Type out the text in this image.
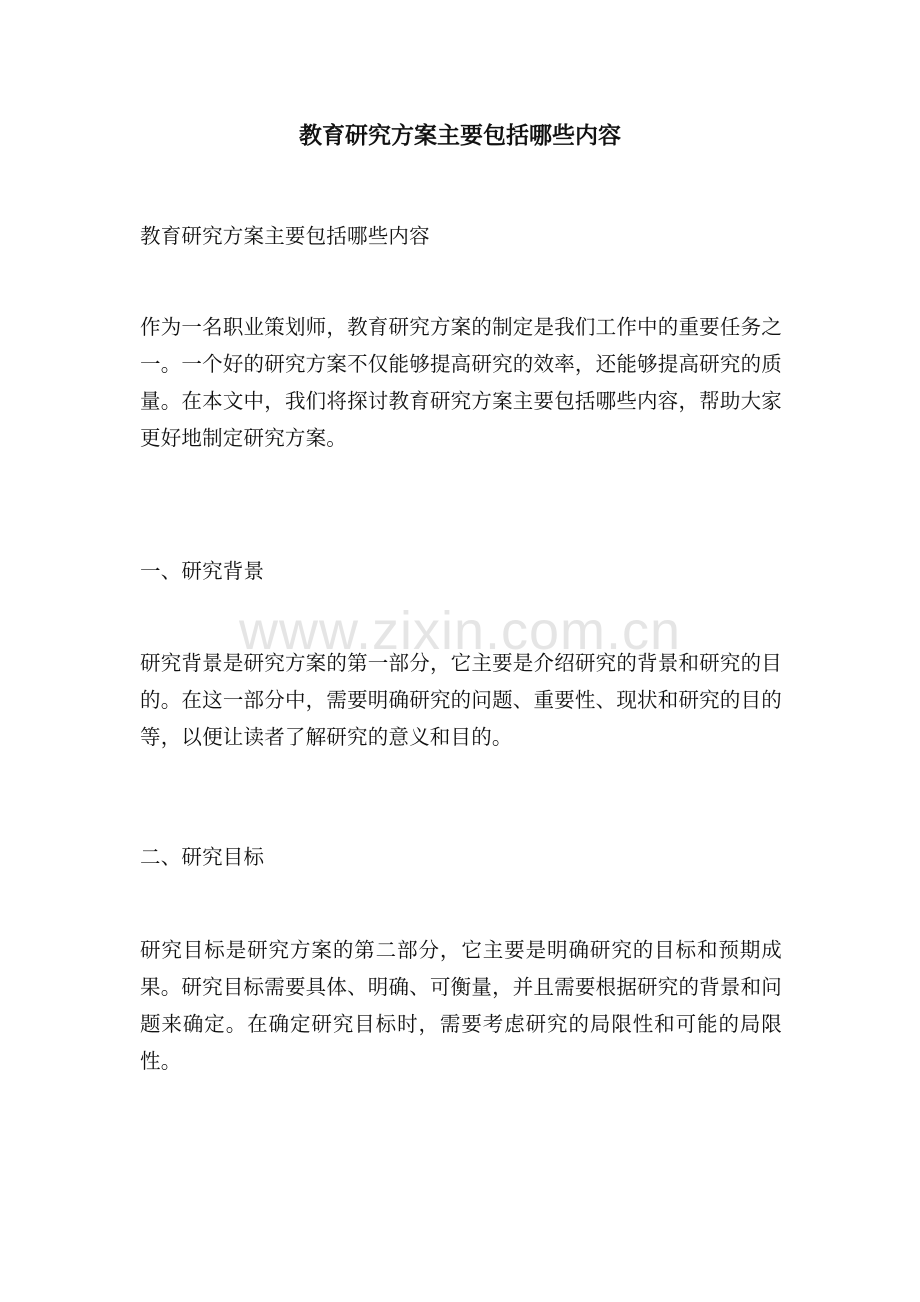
教育研究方案主要包括哪些内容

教育研究方案主要包括哪些内容

作为一名职业策划师，教育研究方案的制定是我们工作中的重要任务之一。一个好的研究方案不仅能够提高研究的效率，还能够提高研究的质量。在本文中，我们将探讨教育研究方案主要包括哪些内容，帮助大家更好地制定研究方案。

一、研究背景

研究背景是研究方案的第一部分，它主要是介绍研究的背景和研究的目的。在这一部分中，需要明确研究的问题、重要性、现状和研究的目的等，以便让读者了解研究的意义和目的。

二、研究目标

研究目标是研究方案的第二部分，它主要是明确研究的目标和预期成果。研究目标需要具体、明确、可衡量，并且需要根据研究的背景和问题来确定。在确定研究目标时，需要考虑研究的局限性和可能的局限性。

www.zixin.com.cn
